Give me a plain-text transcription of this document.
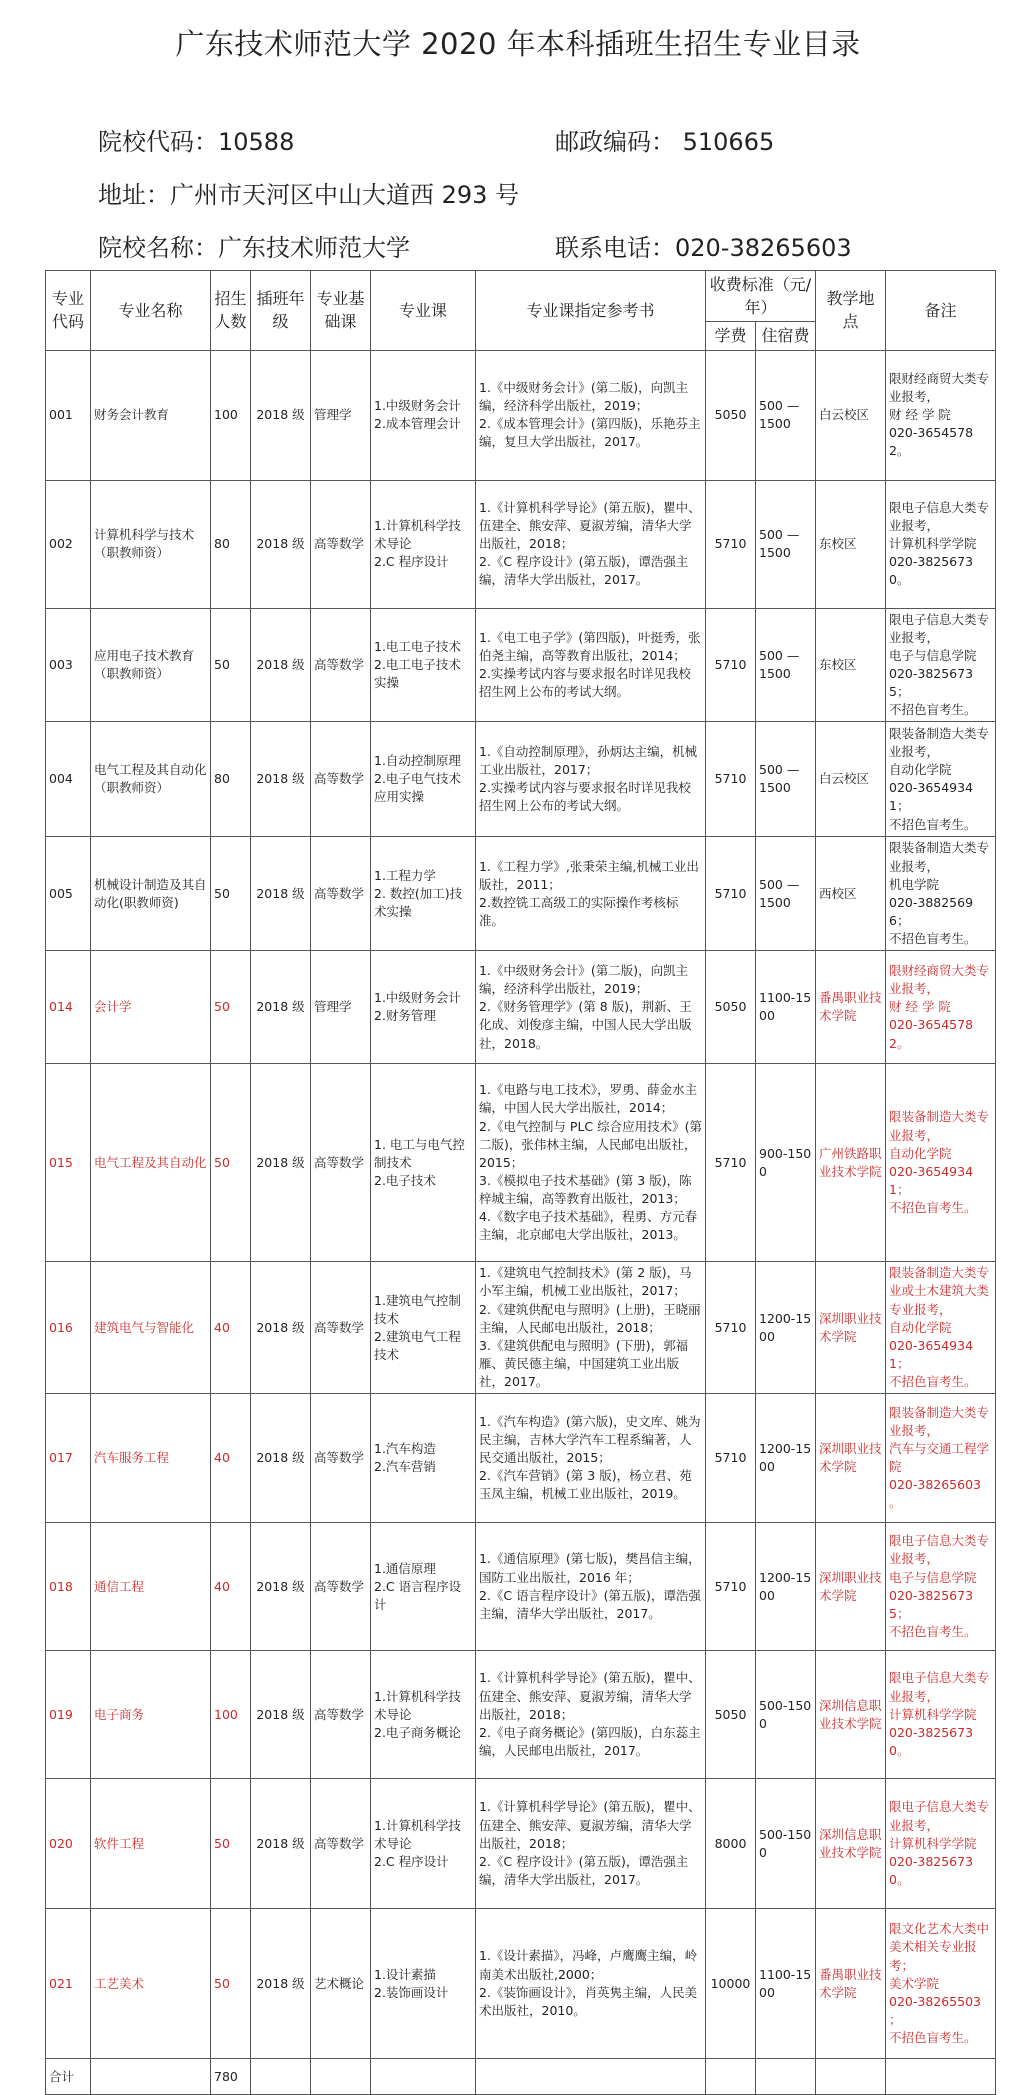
广东技术师范大学 2020 年本科插班生招生专业目录
院校代码：10588	邮政编码： 510665
地址：广州市天河区中山大道西 293 号
院校名称：广东技术师范大学	联系电话：020-38265603
专业代码	专业名称	招生人数	插班年级	专业基础课	专业课	专业课指定参考书	收费标准（元/年）		教学地点	备注
							学费	住宿费		
001	财务会计教育	100	2018 级	管理学	1.中级财务会计
2.成本管理会计	1.《中级财务会计》(第二版)，向凯主编，经济科学出版社，2019；
2.《成本管理会计》(第四版)，乐艳芬主编，复旦大学出版社，2017。	5050	500 —
1500	白云校区	限财经商贸大类专业报考，
财 经 学 院
020-36545782。
002	计算机科学与技术（职教师资）	80	2018 级	高等数学	1.计算机科学技术导论
2.C 程序设计	1.《计算机科学导论》(第五版)，瞿中、伍建全、熊安萍、夏淑芳编，清华大学出版社，2018；
2.《C 程序设计》(第五版)，谭浩强主编，清华大学出版社，2017。	5710	500 —
1500	东校区	限电子信息大类专业报考，
计算机科学学院
020-38256730。
003	应用电子技术教育（职教师资）	50	2018 级	高等数学	1.电工电子技术
2.电工电子技术实操	1.《电工电子学》(第四版)，叶挺秀，张伯尧主编，高等教育出版社，2014；
2.实操考试内容与要求报名时详见我校招生网上公布的考试大纲。	5710	500 —
1500	东校区	限电子信息大类专业报考，
电子与信息学院
020-38256735；
不招色盲考生。
004	电气工程及其自动化（职教师资）	80	2018 级	高等数学	1.自动控制原理
2.电子电气技术应用实操	1.《自动控制原理》，孙炳达主编，机械工业出版社，2017；
2.实操考试内容与要求报名时详见我校招生网上公布的考试大纲。	5710	500 —
1500	白云校区	限装备制造大类专业报考，
自动化学院
020-36549341；
不招色盲考生。
005	机械设计制造及其自动化(职教师资)	50	2018 级	高等数学	1.工程力学
2. 数控(加工)技术实操	1.《工程力学》,张秉荣主编,机械工业出版社，2011；
2.数控铣工高级工的实际操作考核标准。	5710	500 —
1500	西校区	限装备制造大类专业报考，
机电学院
020-38825696；
不招色盲考生。
014	会计学	50	2018 级	管理学	1.中级财务会计
2.财务管理	1.《中级财务会计》(第二版)，向凯主编，经济科学出版社，2019；
2.《财务管理学》(第 8 版)，荆新、王化成、刘俊彦主编，中国人民大学出版社，2018。	5050	1100-1500	番禺职业技术学院	限财经商贸大类专业报考，
财 经 学 院
020-36545782。
015	电气工程及其自动化	50	2018 级	高等数学	1. 电工与电气控制技术
2.电子技术	1.《电路与电工技术》，罗勇、薛金水主编，中国人民大学出版社，2014；
2.《电气控制与 PLC 综合应用技术》(第二版)，张伟林主编，人民邮电出版社，2015；
3.《模拟电子技术基础》(第 3 版)，陈梓城主编，高等教育出版社，2013；
4.《数字电子技术基础》，程勇、方元春主编，北京邮电大学出版社，2013。	5710	900-1500	广州铁路职业技术学院	限装备制造大类专业报考，
自动化学院
020-36549341；
不招色盲考生。
016	建筑电气与智能化	40	2018 级	高等数学	1.建筑电气控制技术
2.建筑电气工程技术	1.《建筑电气控制技术》(第 2 版)，马小军主编，机械工业出版社，2017；
2.《建筑供配电与照明》(上册)，王晓丽主编，人民邮电出版社，2018；
3.《建筑供配电与照明》(下册)，郭福雁、黄民德主编，中国建筑工业出版社，2017。	5710	1200-1500	深圳职业技术学院	限装备制造大类专业或土木建筑大类专业报考，
自动化学院
020-36549341；
不招色盲考生。
017	汽车服务工程	40	2018 级	高等数学	1.汽车构造
2.汽车营销	1.《汽车构造》(第六版)，史文库、姚为民主编，吉林大学汽车工程系编著，人民交通出版社，2015；
2.《汽车营销》(第 3 版)，杨立君、苑玉凤主编，机械工业出版社，2019。	5710	1200-1500	深圳职业技术学院	限装备制造大类专业报考，
汽车与交通工程学院
020-38265603
。
018	通信工程	40	2018 级	高等数学	1.通信原理
2.C 语言程序设计	1.《通信原理》(第七版)，樊昌信主编，国防工业出版社，2016 年；
2.《C 语言程序设计》(第五版)，谭浩强主编，清华大学出版社，2017。	5710	1200-1500	深圳职业技术学院	限电子信息大类专业报考，
电子与信息学院
020-38256735；
不招色盲考生。
019	电子商务	100	2018 级	高等数学	1.计算机科学技术导论
2.电子商务概论	1.《计算机科学导论》(第五版)，瞿中、伍建全、熊安萍、夏淑芳编，清华大学出版社，2018；
2.《电子商务概论》(第四版)，白东蕊主编，人民邮电出版社，2017。	5050	500-1500	深圳信息职业技术学院	限电子信息大类专业报考，
计算机科学学院
020-38256730。
020	软件工程	50	2018 级	高等数学	1.计算机科学技术导论
2.C 程序设计	1.《计算机科学导论》(第五版)，瞿中、伍建全、熊安萍、夏淑芳编，清华大学出版社，2018；
2.《C 程序设计》(第五版)，谭浩强主编，清华大学出版社，2017。	8000	500-1500	深圳信息职业技术学院	限电子信息大类专业报考，
计算机科学学院
020-38256730。
021	工艺美术	50	2018 级	艺术概论	1.设计素描
2.装饰画设计	1.《设计素描》，冯峰，卢鹰鹰主编，岭南美术出版社,2000；
2.《装饰画设计》，肖英隽主编，人民美术出版社，2010。	10000	1100-1500	番禺职业技术学院	限文化艺术大类中美术相关专业报考；
美术学院
020-38265503
；
不招色盲考生。
合计		780								
